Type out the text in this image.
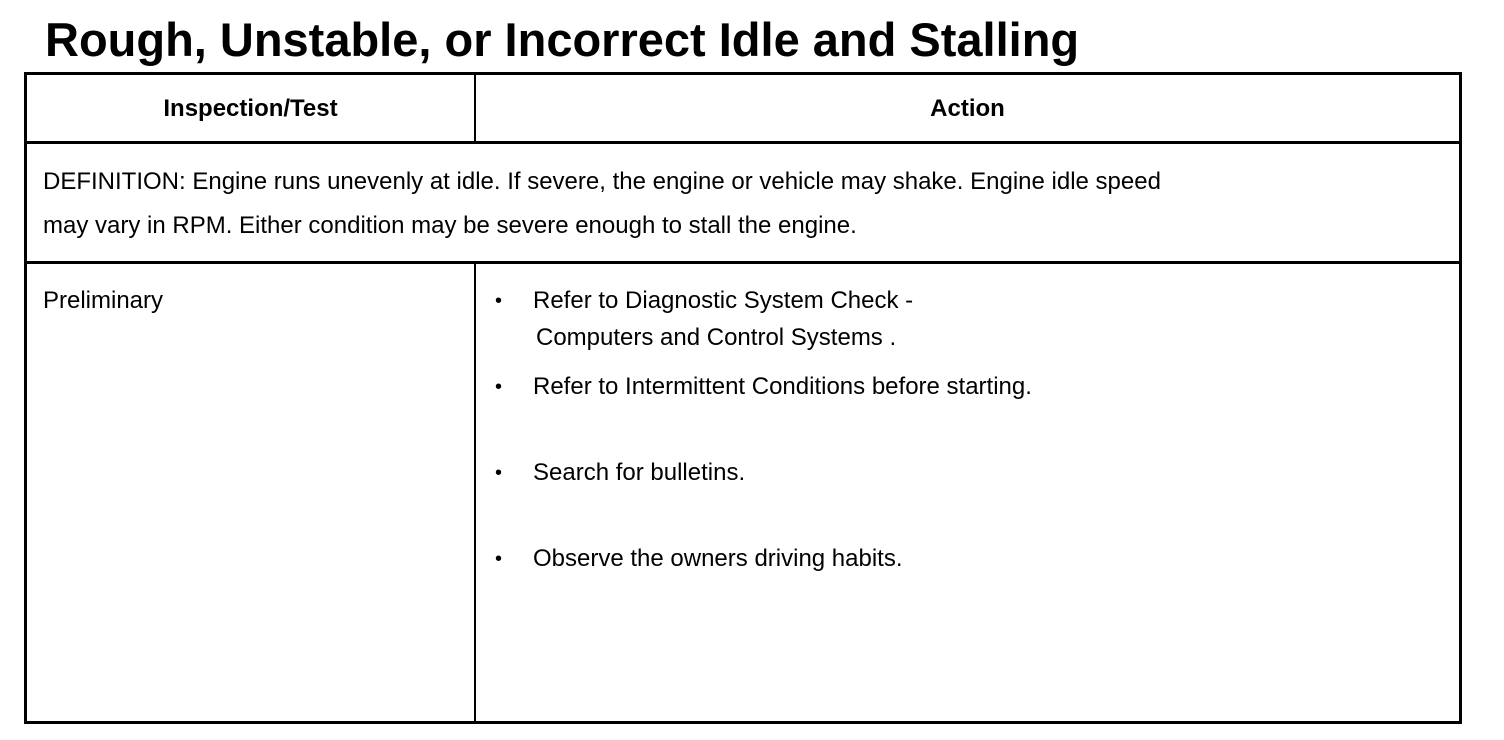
Rough, Unstable, or Incorrect Idle and Stalling
Inspection/Test	Action
DEFINITION: Engine runs unevenly at idle. If severe, the engine or vehicle may shake. Engine idle speed
may vary in RPM. Either condition may be severe enough to stall the engine.
Preliminary	• Refer to Diagnostic System Check -
Computers and Control Systems .
• Refer to Intermittent Conditions before starting.
• Search for bulletins.
• Observe the owners driving habits.
